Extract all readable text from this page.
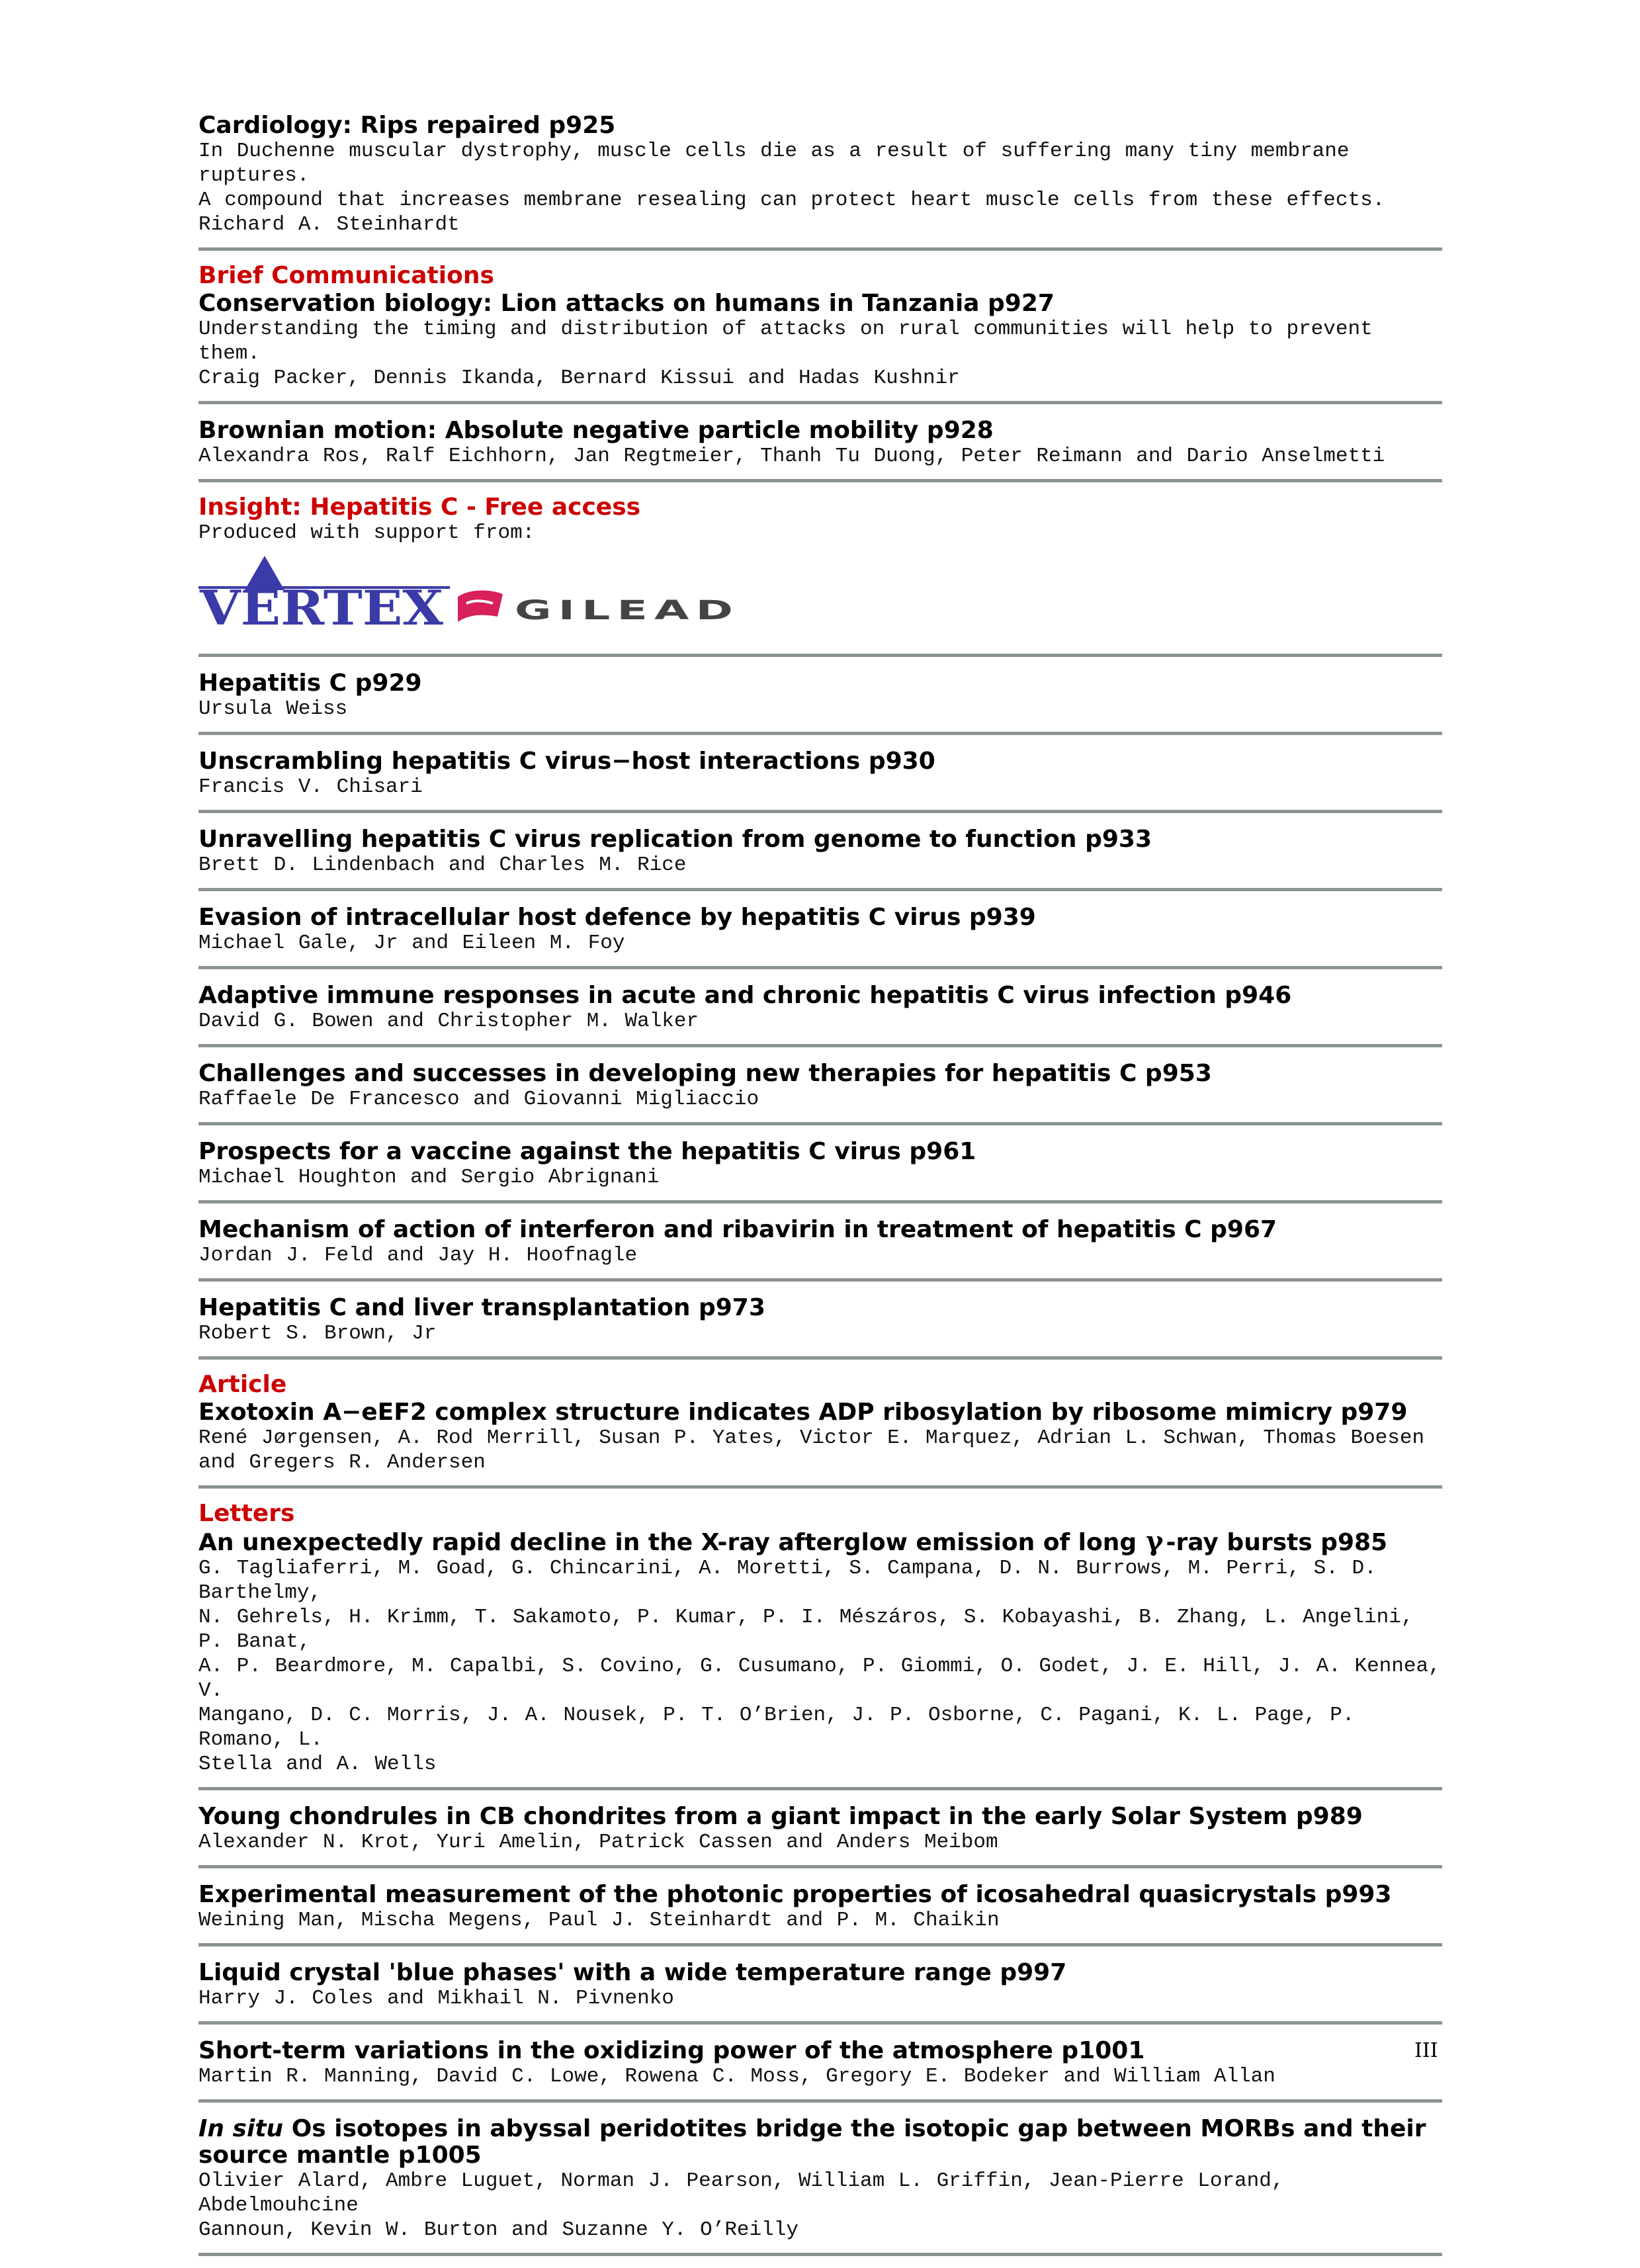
Cardiology: Rips repaired p925

In Duchenne muscular dystrophy, muscle cells die as a result of suffering many tiny membrane ruptures.

A compound that increases membrane resealing can protect heart muscle cells from these effects.

Richard A. Steinhardt

Brief Communications

Conservation biology: Lion attacks on humans in Tanzania p927

Understanding the timing and distribution of attacks on rural communities will help to prevent them.

Craig Packer, Dennis Ikanda, Bernard Kissui and Hadas Kushnir

Brownian motion: Absolute negative particle mobility p928

Alexandra Ros, Ralf Eichhorn, Jan Regtmeier, Thanh Tu Duong, Peter Reimann and Dario Anselmetti

Insight: Hepatitis C - Free access

Produced with support from:

VERTEX	GILEAD

Hepatitis C p929

Ursula Weiss

Unscrambling hepatitis C virus−host interactions p930

Francis V. Chisari

Unravelling hepatitis C virus replication from genome to function p933

Brett D. Lindenbach and Charles M. Rice

Evasion of intracellular host defence by hepatitis C virus p939

Michael Gale, Jr and Eileen M. Foy

Adaptive immune responses in acute and chronic hepatitis C virus infection p946

David G. Bowen and Christopher M. Walker

Challenges and successes in developing new therapies for hepatitis C p953

Raffaele De Francesco and Giovanni Migliaccio

Prospects for a vaccine against the hepatitis C virus p961

Michael Houghton and Sergio Abrignani

Mechanism of action of interferon and ribavirin in treatment of hepatitis C p967

Jordan J. Feld and Jay H. Hoofnagle

Hepatitis C and liver transplantation p973

Robert S. Brown, Jr

Article

Exotoxin A−eEF2 complex structure indicates ADP ribosylation by ribosome mimicry p979

René Jørgensen, A. Rod Merrill, Susan P. Yates, Victor E. Marquez, Adrian L. Schwan, Thomas Boesen

and Gregers R. Andersen

Letters

An unexpectedly rapid decline in the X-ray afterglow emission of long γ -ray bursts p985

G. Tagliaferri, M. Goad, G. Chincarini, A. Moretti, S. Campana, D. N. Burrows, M. Perri, S. D. Barthelmy,

N. Gehrels, H. Krimm, T. Sakamoto, P. Kumar, P. I. Mészáros, S. Kobayashi, B. Zhang, L. Angelini, P. Banat,

A. P. Beardmore, M. Capalbi, S. Covino, G. Cusumano, P. Giommi, O. Godet, J. E. Hill, J. A. Kennea, V.

Mangano, D. C. Morris, J. A. Nousek, P. T. O’Brien, J. P. Osborne, C. Pagani, K. L. Page, P. Romano, L.

Stella and A. Wells

Young chondrules in CB chondrites from a giant impact in the early Solar System p989

Alexander N. Krot, Yuri Amelin, Patrick Cassen and Anders Meibom

Experimental measurement of the photonic properties of icosahedral quasicrystals p993

Weining Man, Mischa Megens, Paul J. Steinhardt and P. M. Chaikin

Liquid crystal 'blue phases' with a wide temperature range p997

Harry J. Coles and Mikhail N. Pivnenko

Short-term variations in the oxidizing power of the atmosphere p1001

Martin R. Manning, David C. Lowe, Rowena C. Moss, Gregory E. Bodeker and William Allan

In situ Os isotopes in abyssal peridotites bridge the isotopic gap between MORBs and their

source mantle p1005

Olivier Alard, Ambre Luguet, Norman J. Pearson, William L. Griffin, Jean-Pierre Lorand, Abdelmouhcine

Gannoun, Kevin W. Burton and Suzanne Y. O’Reilly

III
